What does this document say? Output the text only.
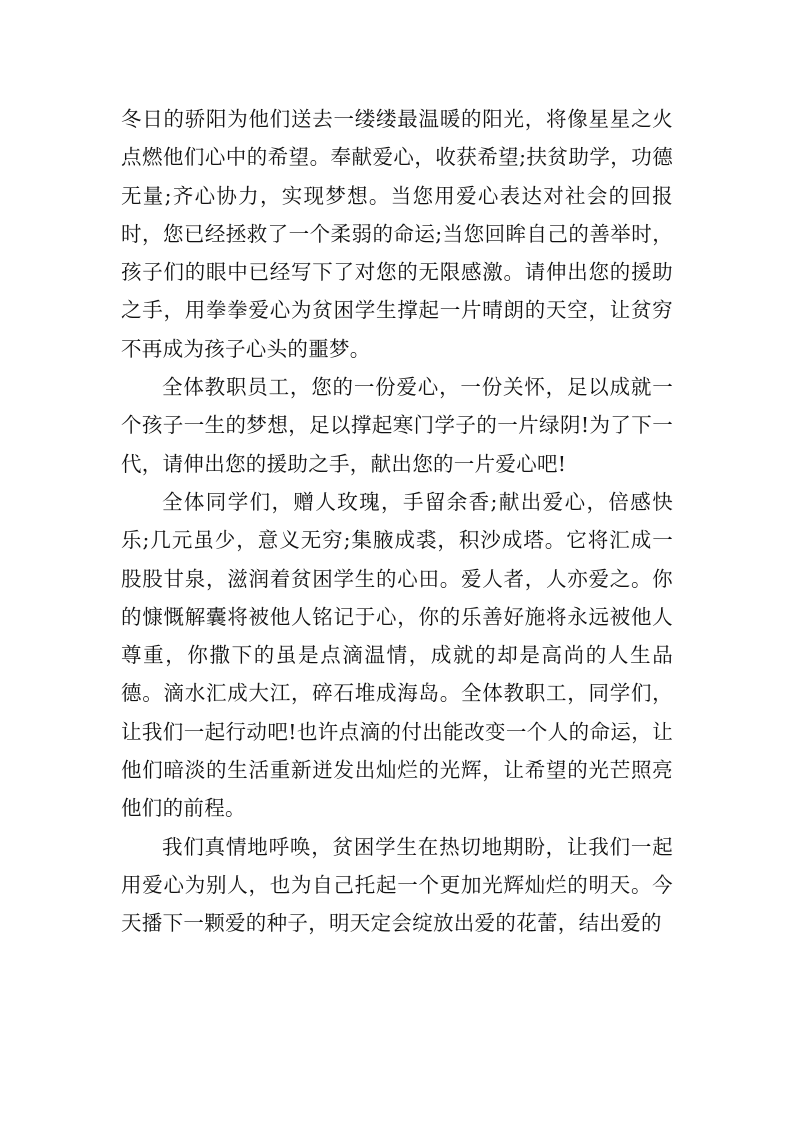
冬日的骄阳为他们送去一缕缕最温暖的阳光，将像星星之火点燃他们心中的希望。奉献爱心，收获希望;扶贫助学，功德无量;齐心协力，实现梦想。当您用爱心表达对社会的回报时，您已经拯救了一个柔弱的命运;当您回眸自己的善举时，孩子们的眼中已经写下了对您的无限感激。请伸出您的援助之手，用拳拳爱心为贫困学生撑起一片晴朗的天空，让贫穷不再成为孩子心头的噩梦。

全体教职员工，您的一份爱心，一份关怀，足以成就一个孩子一生的梦想，足以撑起寒门学子的一片绿阴!为了下一代，请伸出您的援助之手，献出您的一片爱心吧!

全体同学们，赠人玫瑰，手留余香;献出爱心，倍感快乐;几元虽少，意义无穷;集腋成裘，积沙成塔。它将汇成一股股甘泉，滋润着贫困学生的心田。爱人者，人亦爱之。你的慷慨解囊将被他人铭记于心，你的乐善好施将永远被他人尊重，你撒下的虽是点滴温情，成就的却是高尚的人生品德。滴水汇成大江，碎石堆成海岛。全体教职工，同学们，让我们一起行动吧!也许点滴的付出能改变一个人的命运，让他们暗淡的生活重新迸发出灿烂的光辉，让希望的光芒照亮他们的前程。

我们真情地呼唤，贫困学生在热切地期盼，让我们一起用爱心为别人，也为自己托起一个更加光辉灿烂的明天。今天播下一颗爱的种子，明天定会绽放出爱的花蕾，结出爱的
